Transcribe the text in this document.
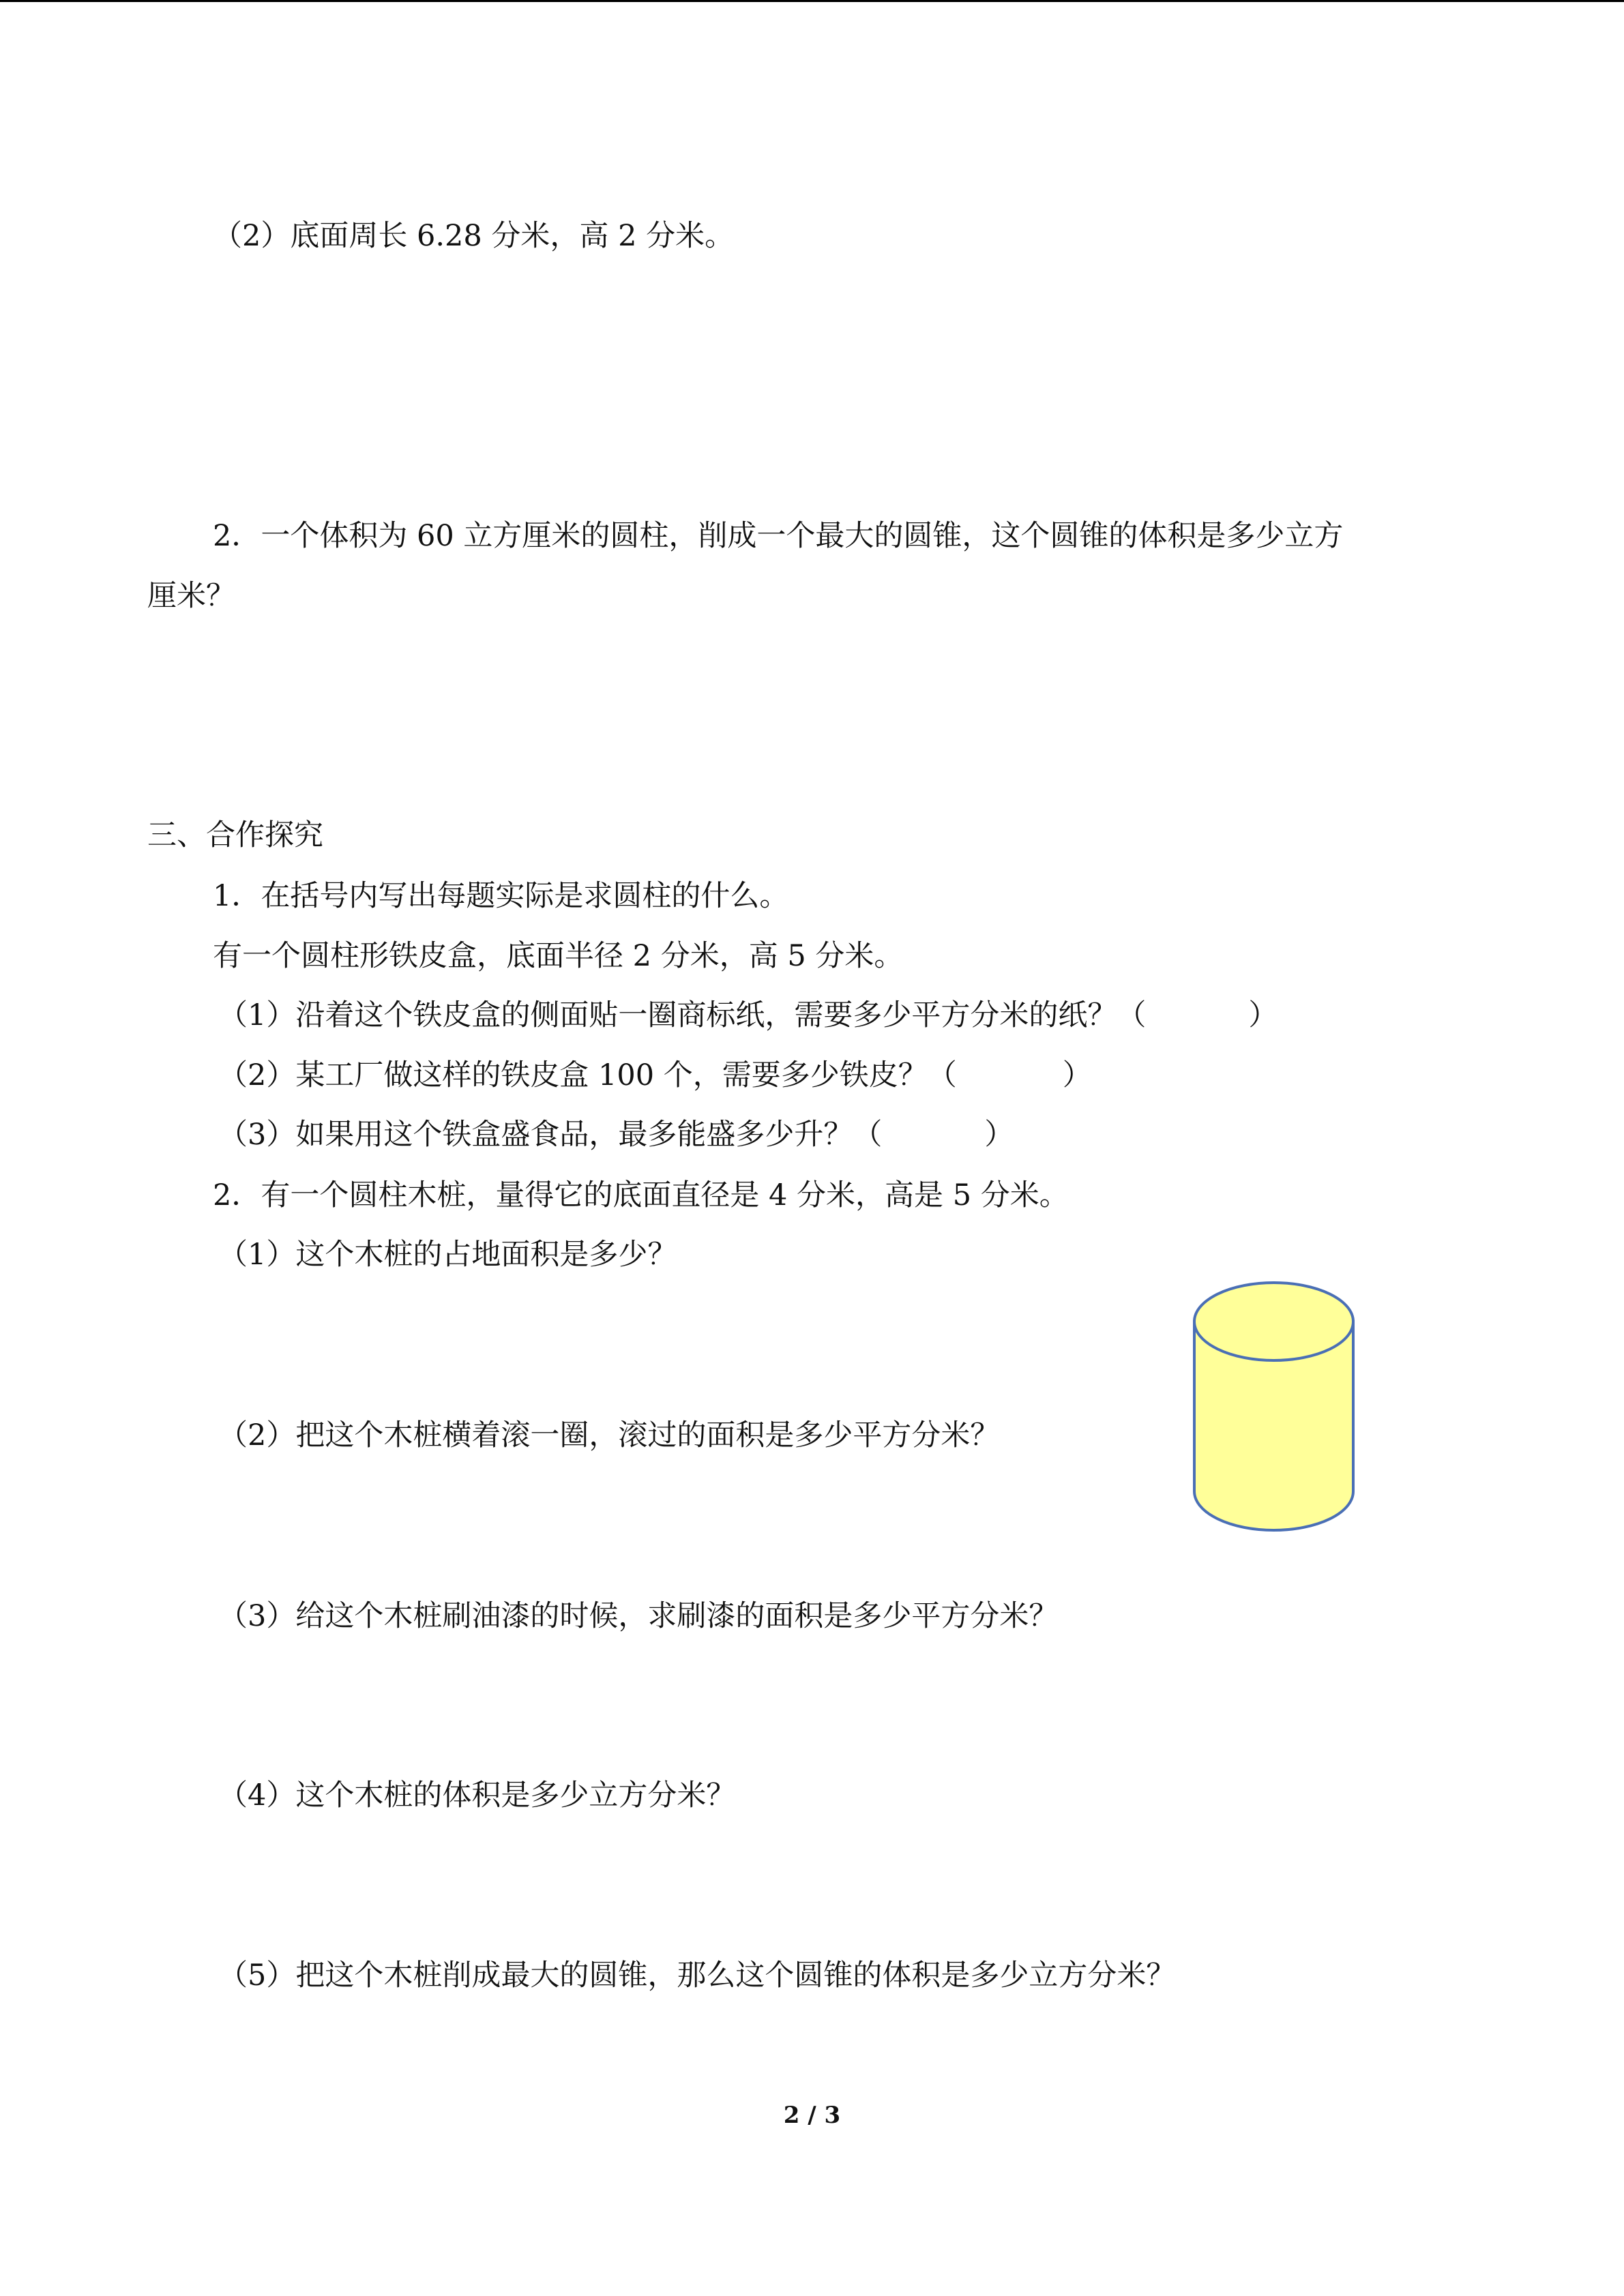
（2）底面周长 6.28 分米，高 2 分米。
2．一个体积为 60 立方厘米的圆柱，削成一个最大的圆锥，这个圆锥的体积是多少立方
厘米？
三、合作探究
1．在括号内写出每题实际是求圆柱的什么。
有一个圆柱形铁皮盒，底面半径 2 分米，高 5 分米。
（1）沿着这个铁皮盒的侧面贴一圈商标纸，需要多少平方分米的纸？（	）
（2）某工厂做这样的铁皮盒 100 个，需要多少铁皮？（	）
（3）如果用这个铁盒盛食品，最多能盛多少升？（	）
2．有一个圆柱木桩，量得它的底面直径是 4 分米，高是 5 分米。
（1）这个木桩的占地面积是多少？
（2）把这个木桩横着滚一圈，滚过的面积是多少平方分米？
（3）给这个木桩刷油漆的时候，求刷漆的面积是多少平方分米？
（4）这个木桩的体积是多少立方分米？
（5）把这个木桩削成最大的圆锥，那么这个圆锥的体积是多少立方分米？
2 / 3
